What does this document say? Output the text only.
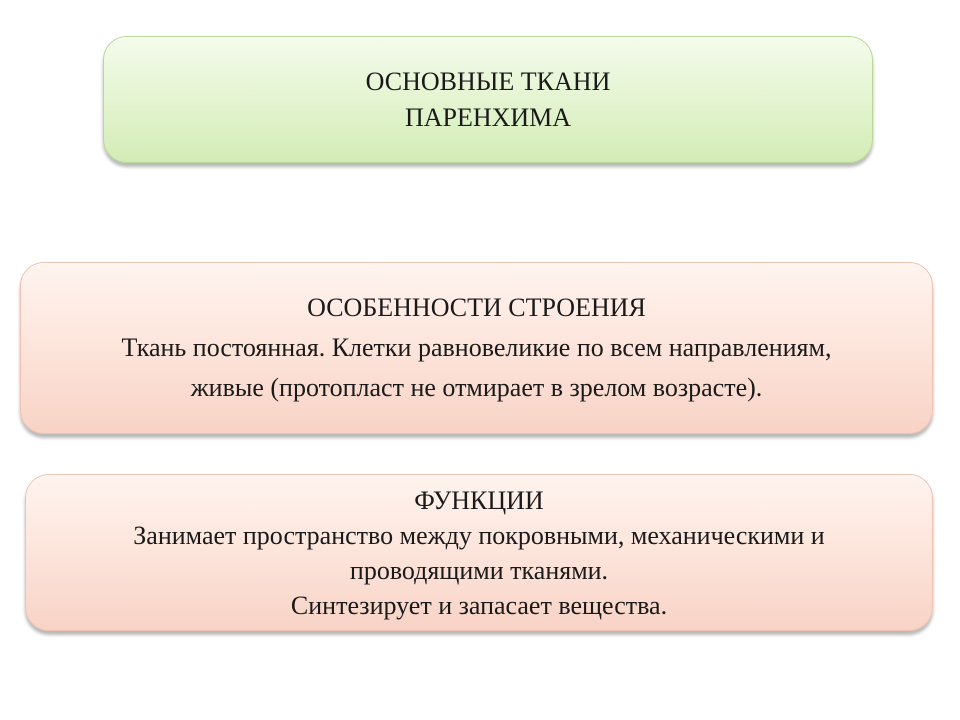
ОСНОВНЫЕ ТКАНИ
ПАРЕНХИМА
ОСОБЕННОСТИ СТРОЕНИЯ
Ткань постоянная. Клетки равновеликие по всем направлениям,
живые (протопласт не отмирает в зрелом возрасте).
ФУНКЦИИ
Занимает пространство между покровными, механическими и
проводящими тканями.
Синтезирует и запасает вещества.
